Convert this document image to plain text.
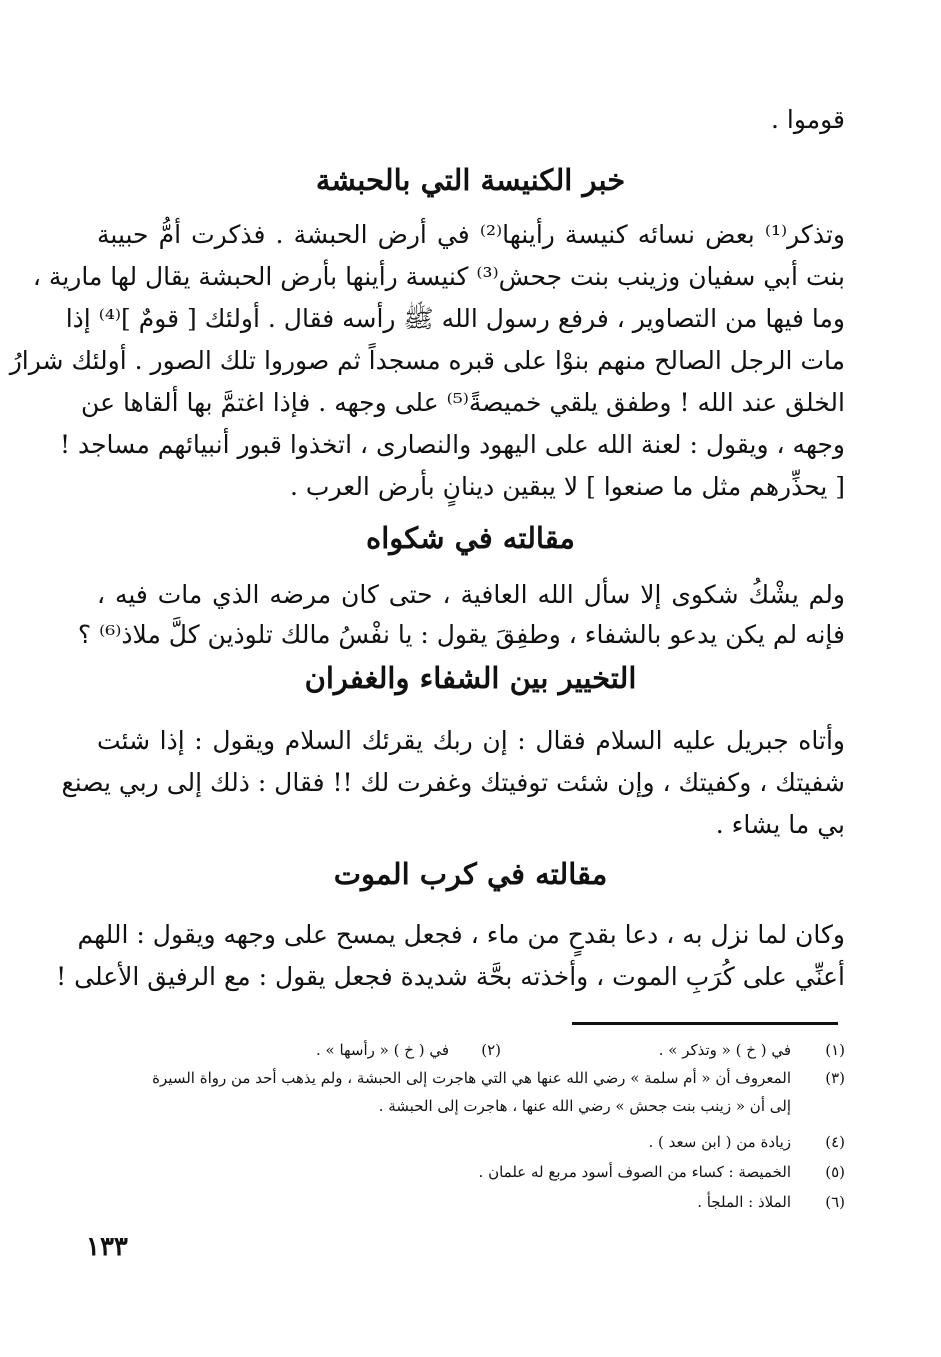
قوموا .
خبر الكنيسة التي بالحبشة
وتذكر⁽¹⁾ بعض نسائه كنيسة رأينها⁽²⁾ في أرض الحبشة . فذكرت أمُّ حبيبة
بنت أبي سفيان وزينب بنت جحش⁽³⁾ كنيسة رأينها بأرض الحبشة يقال لها مارية ،
وما فيها من التصاوير ، فرفع رسول الله ﷺ رأسه فقال . أولئك [ قومٌ ]⁽⁴⁾ إذا
مات الرجل الصالح منهم بنوْا على قبره مسجداً ثم صوروا تلك الصور . أولئك شرارُ
الخلق عند الله ! وطفق يلقي خميصةً⁽⁵⁾ على وجهه . فإذا اغتمَّ بها ألقاها عن
وجهه ، ويقول : لعنة الله على اليهود والنصارى ، اتخذوا قبور أنبيائهم مساجد !
[ يحذِّرهم مثل ما صنعوا ] لا يبقين دينانٍ بأرض العرب .
مقالته في شكواه
ولم يشْكُ شكوى إلا سأل الله العافية ، حتى كان مرضه الذي مات فيه ،
فإنه لم يكن يدعو بالشفاء ، وطفِقَ يقول : يا نفْسُ مالك تلوذين كلَّ ملاذ⁽⁶⁾ ؟
التخيير بين الشفاء والغفران
وأتاه جبريل عليه السلام فقال : إن ربك يقرئك السلام ويقول : إذا شئت
شفيتك ، وكفيتك ، وإن شئت توفيتك وغفرت لك !! فقال : ذلك إلى ربي يصنع
بي ما يشاء .
مقالته في كرب الموت
وكان لما نزل به ، دعا بقدحٍ من ماء ، فجعل يمسح على وجهه ويقول : اللهم
أعنِّي على كُرَبِ الموت ، وأخذته بحَّة شديدة فجعل يقول : مع الرفيق الأعلى !
(١)
في ( خ ) « وتذكر » .
(٢)
في ( خ ) « رأسها » .
(٣)
المعروف أن « أم سلمة » رضي الله عنها هي التي هاجرت إلى الحبشة ، ولم يذهب أحد من رواة السيرة
إلى أن « زينب بنت جحش » رضي الله عنها ، هاجرت إلى الحبشة .
(٤)
زيادة من ( ابن سعد ) .
(٥)
الخميصة : كساء من الصوف أسود مربع له علمان .
(٦)
الملاذ : الملجأ .
١٣٣
